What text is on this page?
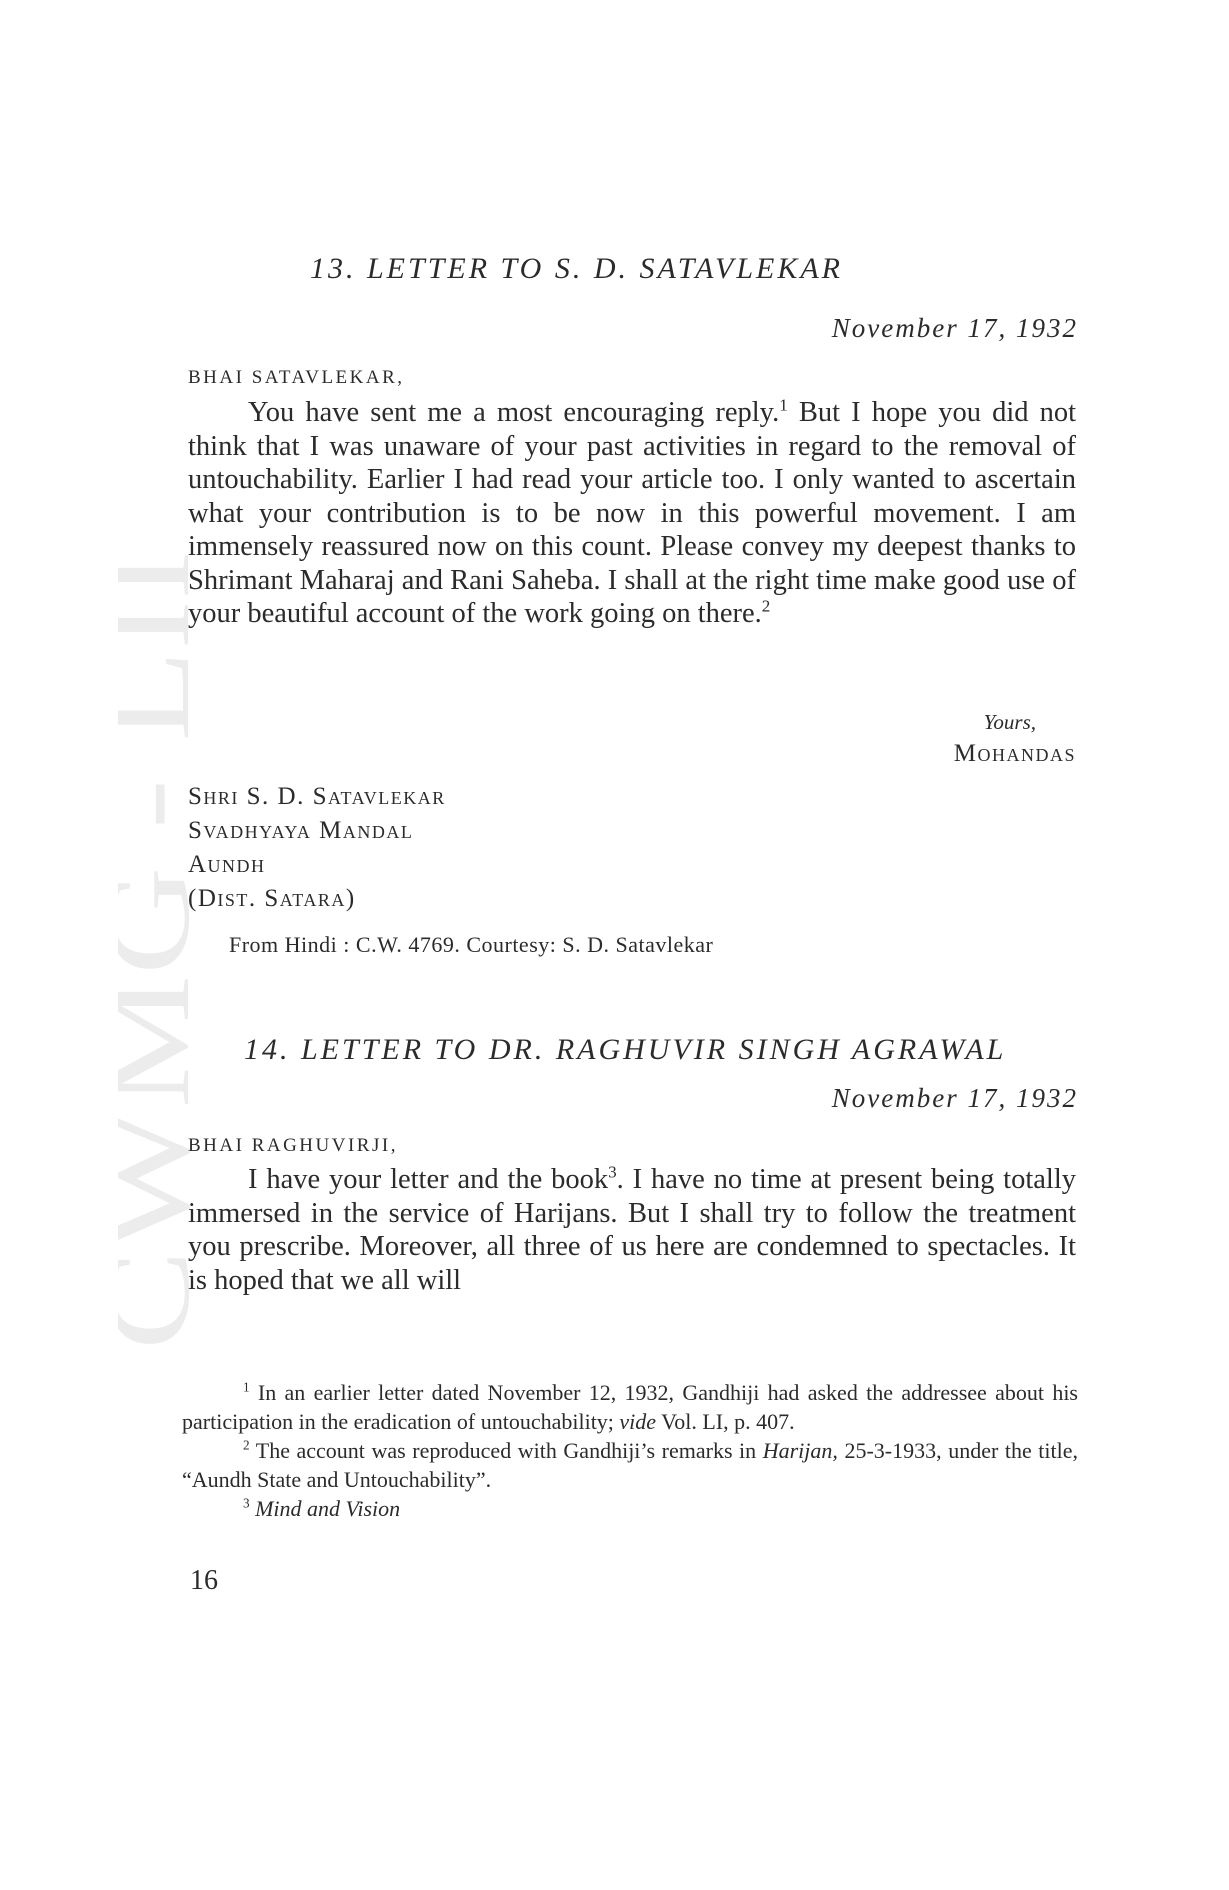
CWMG LII
13. LETTER TO S. D. SATAVLEKAR
November 17, 1932
BHAI SATAVLEKAR,

You have sent me a most encouraging reply.$^1$ But I hope you did not think that I was unaware of your past activities in regard to the removal of untouchability. Earlier I had read your article too. I only wanted to ascertain what your contribution is to be now in this powerful movement. I am immensely reassured now on this count. Please convey my deepest thanks to Shrimant Maharaj and Rani Saheba. I shall at the right time make good use of your beautiful account of the work going on there.$^2$

Yours,
Mohandas
Shri S. D. Satavlekar
Svadhyaya Mandal
Aundh
(Dist. Satara)
From Hindi : C.W. 4769. Courtesy: S. D. Satavlekar
14. LETTER TO DR. RAGHUVIR SINGH AGRAWAL
November 17, 1932
BHAI RAGHUVIRJI,

I have your letter and the book$^3$. I have no time at present being totally immersed in the service of Harijans. But I shall try to follow the treatment you prescribe. Moreover, all three of us here are condemned to spectacles. It is hoped that we all will

$^1$ In an earlier letter dated November 12, 1932, Gandhiji had asked the addressee about his participation in the eradication of untouchability; vide Vol. LI, p. 407.

$^2$ The account was reproduced with Gandhiji’s remarks in Harijan, 25-3-1933, under the title, “Aundh State and Untouchability”.

$^3$ Mind and Vision

16
